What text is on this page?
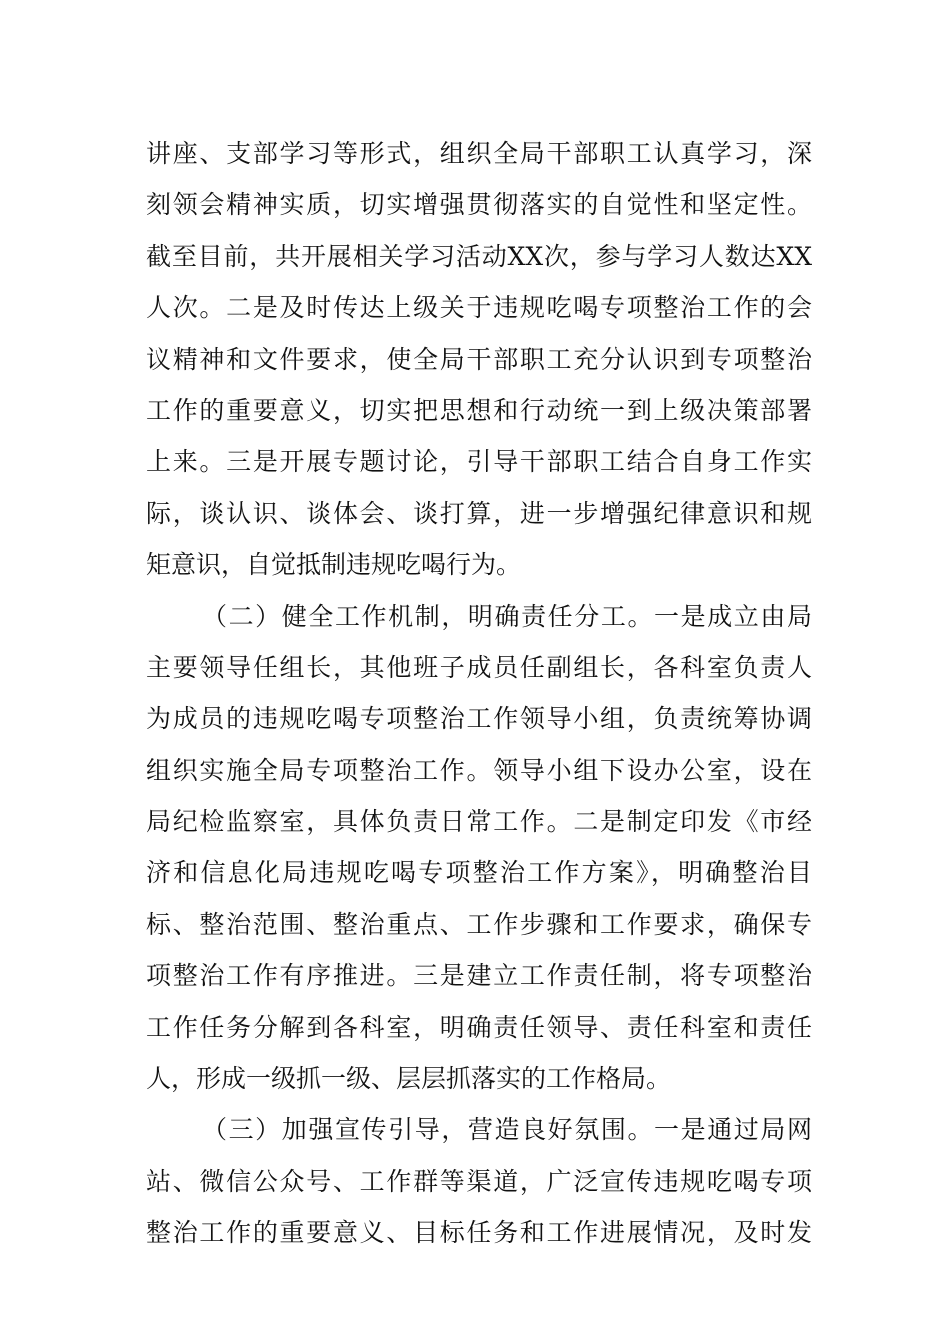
讲座、支部学习等形式，组织全局干部职工认真学习，深
刻领会精神实质，切实增强贯彻落实的自觉性和坚定性。
截至目前，共开展相关学习活动XX次，参与学习人数达XX
人次。二是及时传达上级关于违规吃喝专项整治工作的会
议精神和文件要求，使全局干部职工充分认识到专项整治
工作的重要意义，切实把思想和行动统一到上级决策部署
上来。三是开展专题讨论，引导干部职工结合自身工作实
际，谈认识、谈体会、谈打算，进一步增强纪律意识和规
矩意识，自觉抵制违规吃喝行为。
（二）健全工作机制，明确责任分工。一是成立由局
主要领导任组长，其他班子成员任副组长，各科室负责人
为成员的违规吃喝专项整治工作领导小组，负责统筹协调
组织实施全局专项整治工作。领导小组下设办公室，设在
局纪检监察室，具体负责日常工作。二是制定印发《市经
济和信息化局违规吃喝专项整治工作方案》，明确整治目
标、整治范围、整治重点、工作步骤和工作要求，确保专
项整治工作有序推进。三是建立工作责任制，将专项整治
工作任务分解到各科室，明确责任领导、责任科室和责任
人，形成一级抓一级、层层抓落实的工作格局。
（三）加强宣传引导，营造良好氛围。一是通过局网
站、微信公众号、工作群等渠道，广泛宣传违规吃喝专项
整治工作的重要意义、目标任务和工作进展情况，及时发
